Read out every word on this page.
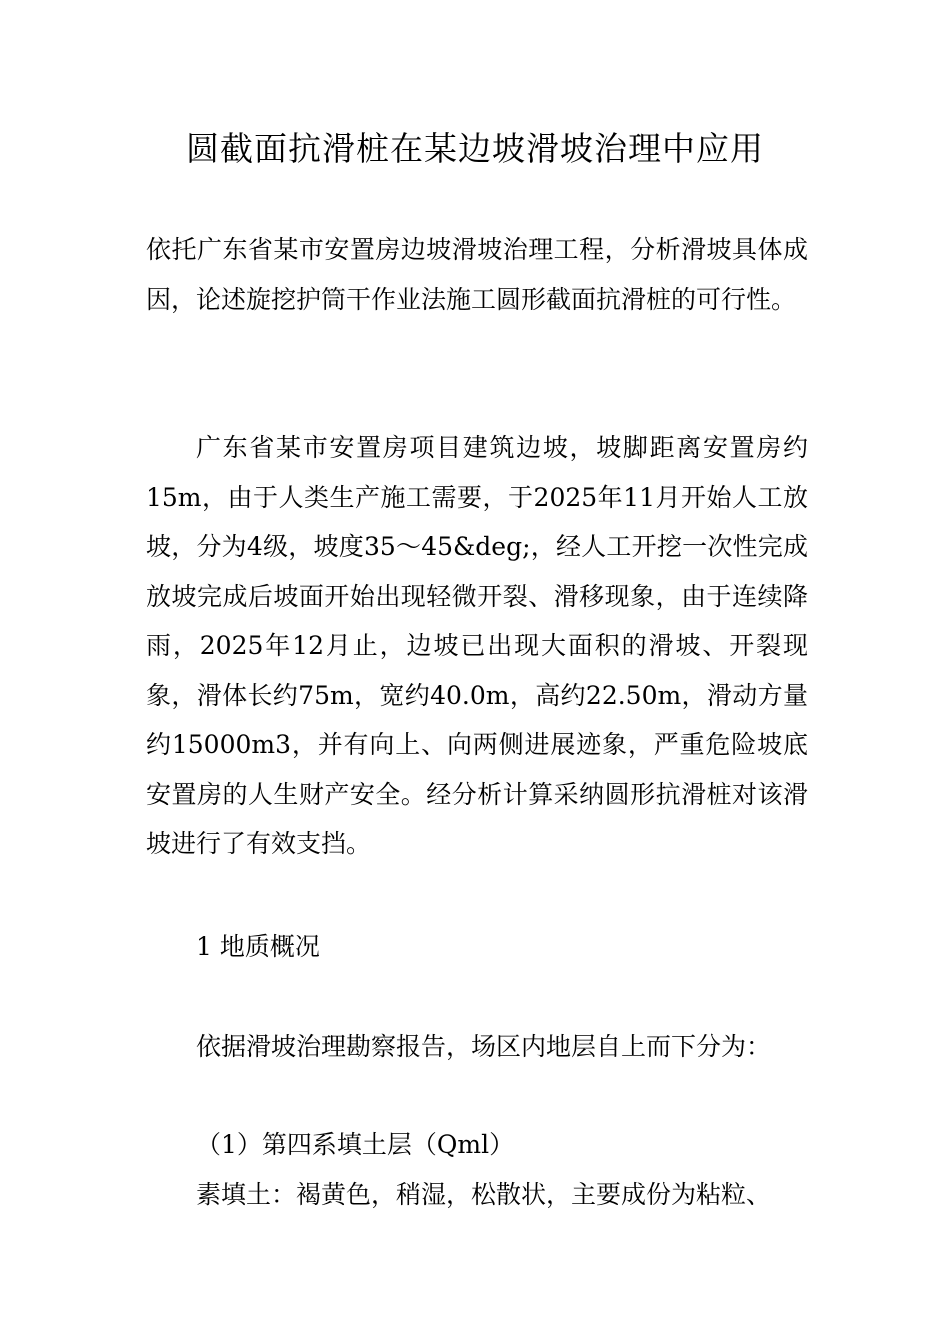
圆截面抗滑桩在某边坡滑坡治理中应用

依托广东省某市安置房边坡滑坡治理工程，分析滑坡具体成因，论述旋挖护筒干作业法施工圆形截面抗滑桩的可行性。

广东省某市安置房项目建筑边坡，坡脚距离安置房约15m，由于人类生产施工需要，于2025年11月开始人工放坡，分为4级，坡度35～45&deg;，经人工开挖一次性完成放坡完成后坡面开始出现轻微开裂、滑移现象，由于连续降雨，2025年12月止，边坡已出现大面积的滑坡、开裂现象，滑体长约75m，宽约40.0m，高约22.50m，滑动方量约15000m3，并有向上、向两侧进展迹象，严重危险坡底安置房的人生财产安全。经分析计算采纳圆形抗滑桩对该滑坡进行了有效支挡。

1 地质概况

依据滑坡治理勘察报告，场区内地层自上而下分为：

（1）第四系填土层（Qml）

素填土：褐黄色，稍湿，松散状，主要成份为粘粒、
